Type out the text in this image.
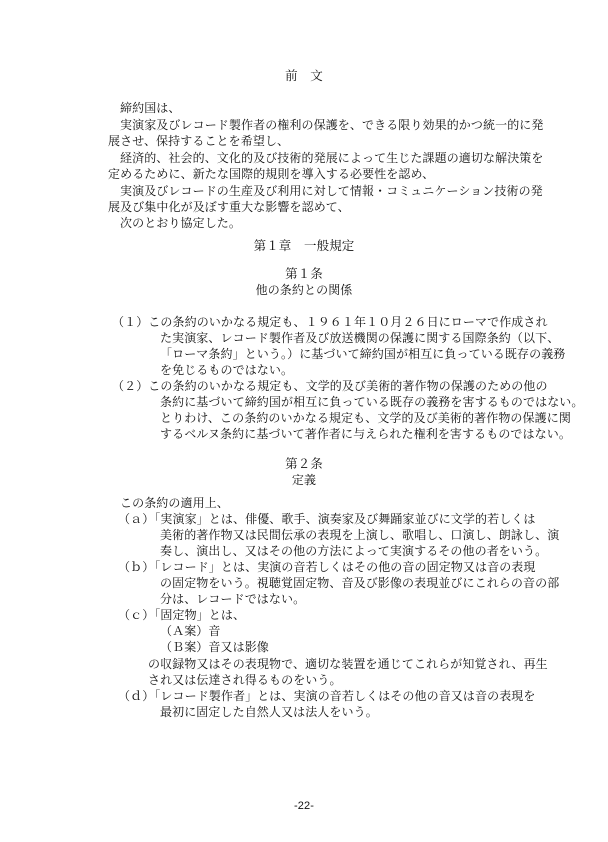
前　文
締約国は、
実演家及びレコード製作者の権利の保護を、できる限り効果的かつ統一的に発
展させ、保持することを希望し、
経済的、社会的、文化的及び技術的発展によって生じた課題の適切な解決策を
定めるために、新たな国際的規則を導入する必要性を認め、
実演及びレコードの生産及び利用に対して情報・コミュニケーション技術の発
展及び集中化が及ぼす重大な影響を認めて、
次のとおり協定した。
第１章　一般規定
第１条
他の条約との関係
（１）この条約のいかなる規定も、１９６１年１０月２６日にローマで作成され
た実演家、レコード製作者及び放送機関の保護に関する国際条約（以下、
「ローマ条約」という。）に基づいて締約国が相互に負っている既存の義務
を免じるものではない。
（２）この条約のいかなる規定も、文学的及び美術的著作物の保護のための他の
条約に基づいて締約国が相互に負っている既存の義務を害するものではない。
とりわけ、この条約のいかなる規定も、文学的及び美術的著作物の保護に関
するベルヌ条約に基づいて著作者に与えられた権利を害するものではない。
第２条
定義
この条約の適用上、
（ａ）「実演家」とは、俳優、歌手、演奏家及び舞踊家並びに文学的若しくは
美術的著作物又は民間伝承の表現を上演し、歌唱し、口演し、朗詠し、演
奏し、演出し、又はその他の方法によって実演するその他の者をいう。
（ｂ）「レコード」とは、実演の音若しくはその他の音の固定物又は音の表現
の固定物をいう。視聴覚固定物、音及び影像の表現並びにこれらの音の部
分は、レコードではない。
（ｃ）「固定物」とは、
（Ａ案）音
（Ｂ案）音又は影像
の収録物又はその表現物で、適切な装置を通じてこれらが知覚され、再生
され又は伝達され得るものをいう。
（ｄ）「レコード製作者」とは、実演の音若しくはその他の音又は音の表現を
最初に固定した自然人又は法人をいう。
-22-
